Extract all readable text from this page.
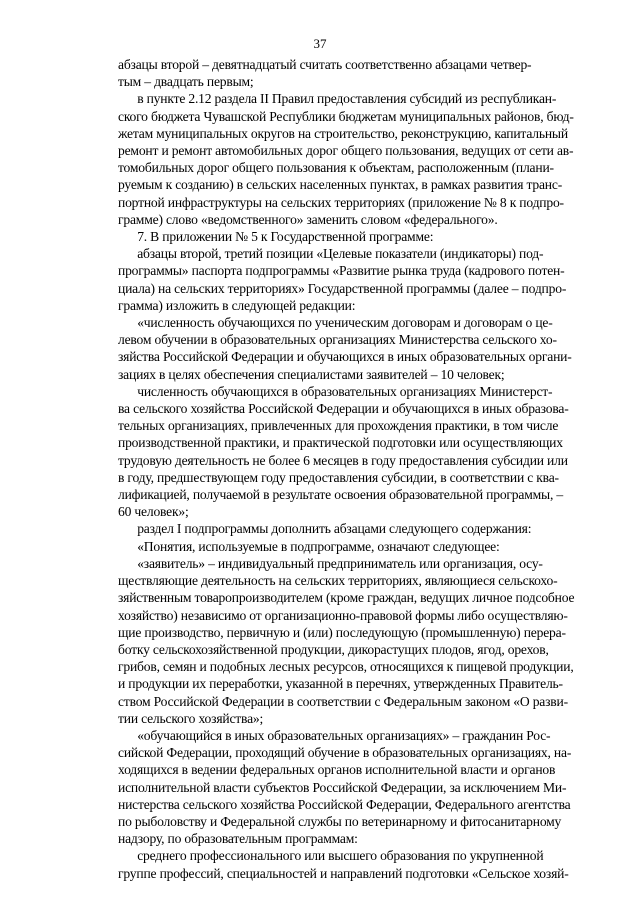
37
абзацы второй – девятнадцатый считать соответственно абзацами четвер-
тым – двадцать первым;
в пункте 2.12 раздела II Правил предоставления субсидий из республикан-
ского бюджета Чувашской Республики бюджетам муниципальных районов, бюд-
жетам муниципальных округов на строительство, реконструкцию, капитальный
ремонт и ремонт автомобильных дорог общего пользования, ведущих от сети ав-
томобильных дорог общего пользования к объектам, расположенным (плани-
руемым к созданию) в сельских населенных пунктах, в рамках развития транс-
портной инфраструктуры на сельских территориях (приложение № 8 к подпро-
грамме) слово «ведомственного» заменить словом «федерального».
7. В приложении № 5 к Государственной программе:
абзацы второй, третий позиции «Целевые показатели (индикаторы) под-
программы» паспорта подпрограммы «Развитие рынка труда (кадрового потен-
циала) на сельских территориях» Государственной программы (далее – подпро-
грамма) изложить в следующей редакции:
«численность обучающихся по ученическим договорам и договорам о це-
левом обучении в образовательных организациях Министерства сельского хо-
зяйства Российской Федерации и обучающихся в иных образовательных органи-
зациях в целях обеспечения специалистами заявителей – 10 человек;
численность обучающихся в образовательных организациях Министерст-
ва сельского хозяйства Российской Федерации и обучающихся в иных образова-
тельных организациях, привлеченных для прохождения практики, в том числе
производственной практики, и практической подготовки или осуществляющих
трудовую деятельность не более 6 месяцев в году предоставления субсидии или
в году, предшествующем году предоставления субсидии, в соответствии с ква-
лификацией, получаемой в результате освоения образовательной программы, –
60 человек»;
раздел I подпрограммы дополнить абзацами следующего содержания:
«Понятия, используемые в подпрограмме, означают следующее:
«заявитель» – индивидуальный предприниматель или организация, осу-
ществляющие деятельность на сельских территориях, являющиеся сельскохо-
зяйственным товаропроизводителем (кроме граждан, ведущих личное подсобное
хозяйство) независимо от организационно-правовой формы либо осуществляю-
щие производство, первичную и (или) последующую (промышленную) перера-
ботку сельскохозяйственной продукции, дикорастущих плодов, ягод, орехов,
грибов, семян и подобных лесных ресурсов, относящихся к пищевой продукции,
и продукции их переработки, указанной в перечнях, утвержденных Правитель-
ством Российской Федерации в соответствии с Федеральным законом «О разви-
тии сельского хозяйства»;
«обучающийся в иных образовательных организациях» – гражданин Рос-
сийской Федерации, проходящий обучение в образовательных организациях, на-
ходящихся в ведении федеральных органов исполнительной власти и органов
исполнительной власти субъектов Российской Федерации, за исключением Ми-
нистерства сельского хозяйства Российской Федерации, Федерального агентства
по рыболовству и Федеральной службы по ветеринарному и фитосанитарному
надзору, по образовательным программам:
среднего профессионального или высшего образования по укрупненной
группе профессий, специальностей и направлений подготовки «Сельское хозяй-
